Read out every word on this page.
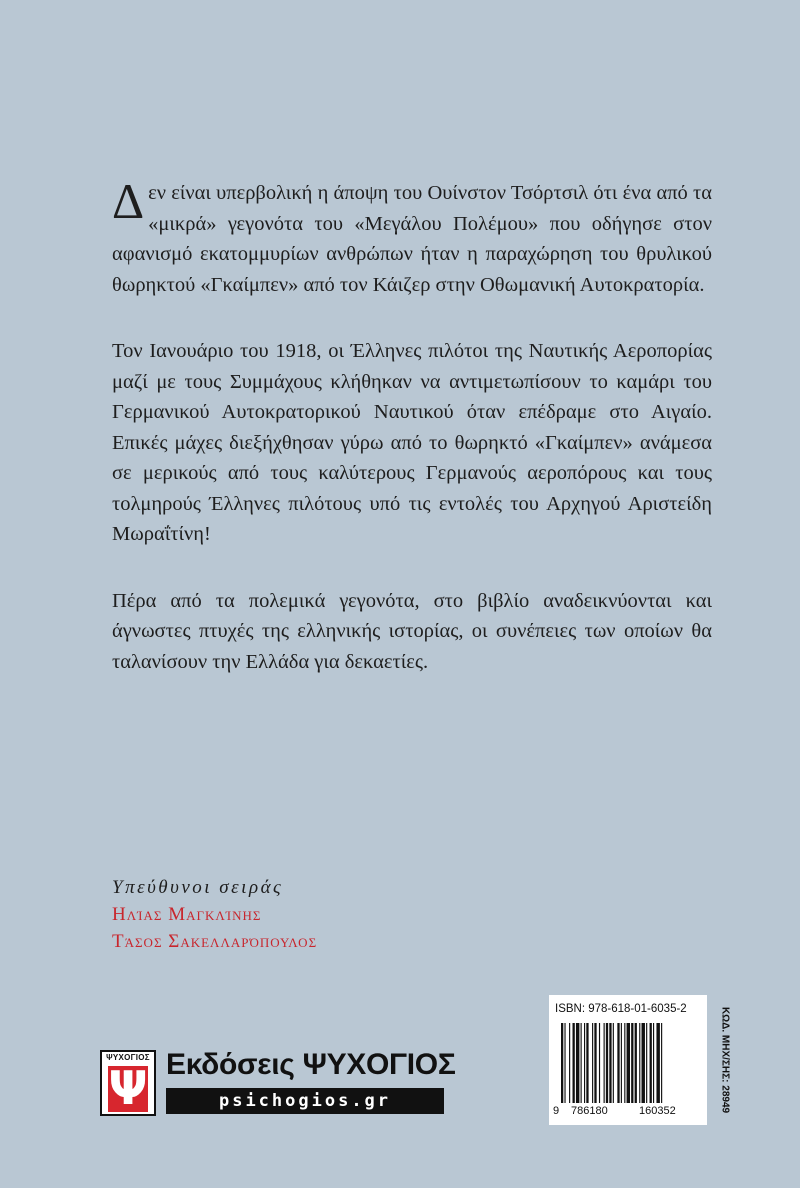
Δεν είναι υπερβολική η άποψη του Ουίνστον Τσόρτσιλ ότι ένα από τα «μικρά» γεγονότα του «Μεγάλου Πολέμου» που οδήγησε στον αφανισμό εκατομμυρίων ανθρώπων ήταν η παραχώρηση του θρυλικού θωρηκτού «Γκαίμπεν» από τον Κάιζερ στην Οθωμανική Αυτοκρατορία.

Τον Ιανουάριο του 1918, οι Έλληνες πιλότοι της Ναυτικής Αεροπορίας μαζί με τους Συμμάχους κλήθηκαν να αντιμετωπίσουν το καμάρι του Γερμανικού Αυτοκρατορικού Ναυτικού όταν επέδραμε στο Αιγαίο. Επικές μάχες διεξήχθησαν γύρω από το θωρηκτό «Γκαίμπεν» ανάμεσα σε μερικούς από τους καλύτερους Γερμανούς αεροπόρους και τους τολμηρούς Έλληνες πιλότους υπό τις εντολές του Αρχηγού Αριστείδη Μωραΐτίνη!

Πέρα από τα πολεμικά γεγονότα, στο βιβλίο αναδεικνύονται και άγνωστες πτυχές της ελληνικής ιστορίας, οι συνέπειες των οποίων θα ταλανίσουν την Ελλάδα για δεκαετίες.

Υπεύθυνοι σειράς
Ηλίας Μαγκλίνης
Τάσος Σακελλαρόπουλος
ΨΥΧΟΓΙΟΣ
Ψ Εκδόσεις ΨΥΧΟΓΙΟΣ
psichogios.gr
ISBN: 978-618-01-6035-2
9 786180	160352	ΚΩΔ. ΜΗΧ/ΣΗΣ: 28949
